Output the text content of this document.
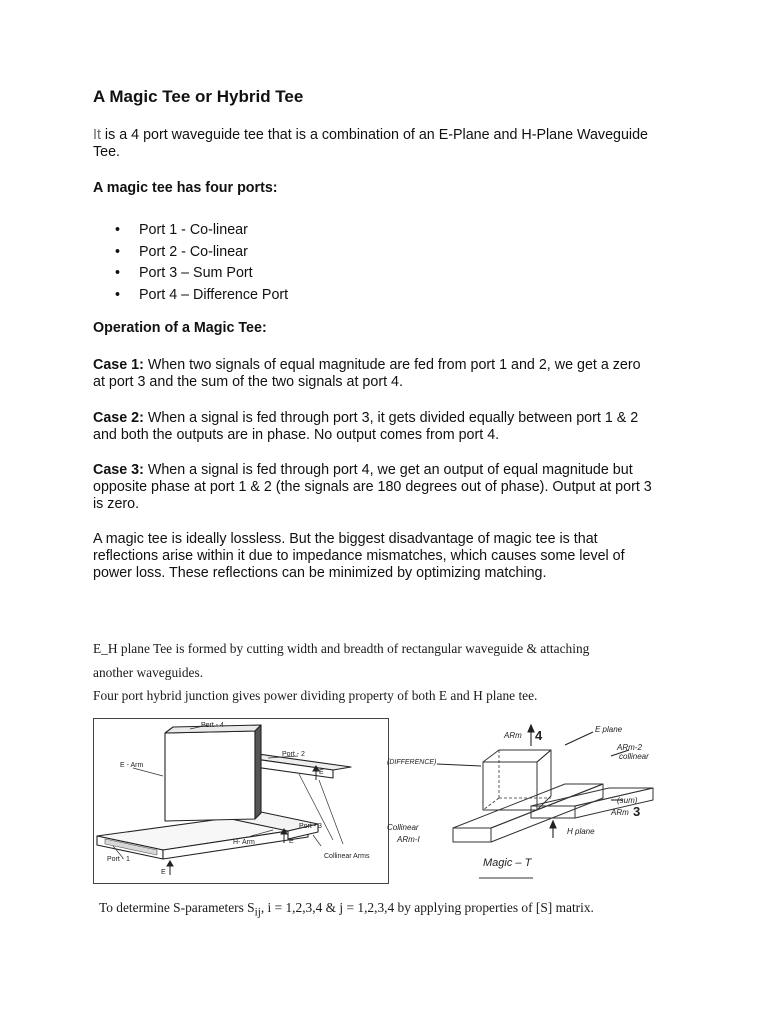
A Magic Tee or Hybrid Tee

It is a 4 port waveguide tee that is a combination of an E-Plane and H-Plane Waveguide
Tee.

A magic tee has four ports:

• Port 1 - Co-linear
• Port 2 - Co-linear
• Port 3 – Sum Port
• Port 4 – Difference Port

Operation of a Magic Tee:

Case 1: When two signals of equal magnitude are fed from port 1 and 2, we get a zero
at port 3 and the sum of the two signals at port 4.

Case 2: When a signal is fed through port 3, it gets divided equally between port 1 & 2
and both the outputs are in phase. No output comes from port 4.

Case 3: When a signal is fed through port 4, we get an output of equal magnitude but
opposite phase at port 1 & 2 (the signals are 180 degrees out of phase). Output at port 3
is zero.

A magic tee is ideally lossless. But the biggest disadvantage of magic tee is that
reflections arise within it due to impedance mismatches, which causes some level of
power loss. These reflections can be minimized by optimizing matching.

E_H plane Tee is formed by cutting width and breadth of rectangular waveguide & attaching
another waveguides.
Four port hybrid junction gives power dividing property of both E and H plane tee.
Port - 4
E - Arm
Port - 2
E
Port - 3
H- Arm	E
Port - 1
E
Collinear Arms
ARm 4	E plane
ARm-2
collinear
(DIFFERENCE)
(sum)
ARm 3
Collinear
ARm-I
H plane
Magic – T
To determine S-parameters $S_{ij}$, i = 1,2,3,4 & j = 1,2,3,4 by applying properties of [S] matrix.
